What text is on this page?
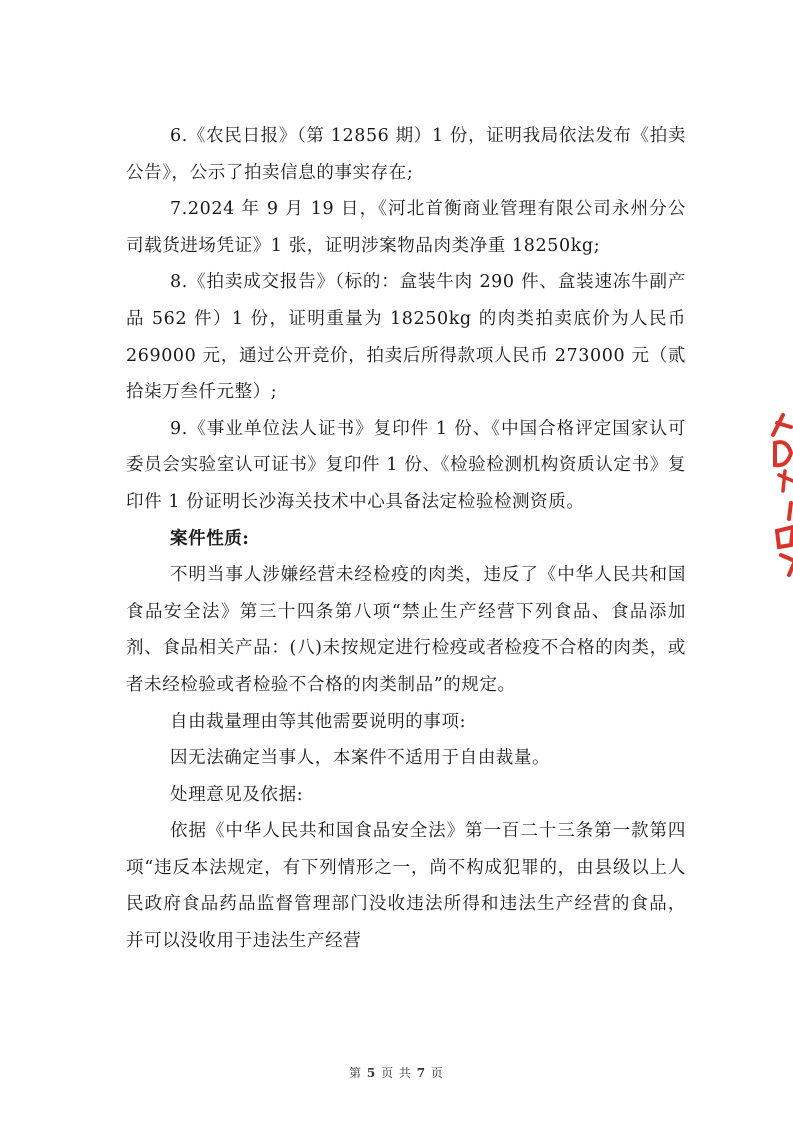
6.《农民日报》（第 12856 期）1 份，证明我局依法发布《拍卖公告》，公示了拍卖信息的事实存在;

7.2024 年 9 月 19 日，《河北首衡商业管理有限公司永州分公司载货进场凭证》1 张，证明涉案物品肉类净重 18250kg;

8.《拍卖成交报告》（标的：盒装牛肉 290 件、盒装速冻牛副产品 562 件）1 份，证明重量为 18250kg 的肉类拍卖底价为人民币 269000 元，通过公开竞价，拍卖后所得款项人民币 273000 元（贰拾柒万叁仟元整）;

9.《事业单位法人证书》复印件 1 份、《中国合格评定国家认可委员会实验室认可证书》复印件 1 份、《检验检测机构资质认定书》复印件 1 份证明长沙海关技术中心具备法定检验检测资质。

案件性质:

不明当事人涉嫌经营未经检疫的肉类，违反了《中华人民共和国食品安全法》第三十四条第八项“禁止生产经营下列食品、食品添加剂、食品相关产品：(八)未按规定进行检疫或者检疫不合格的肉类，或者未经检验或者检验不合格的肉类制品”的规定。

自由裁量理由等其他需要说明的事项:

因无法确定当事人，本案件不适用于自由裁量。

处理意见及依据:

依据《中华人民共和国食品安全法》第一百二十三条第一款第四项“违反本法规定，有下列情形之一，尚不构成犯罪的，由县级以上人民政府食品药品监督管理部门没收违法所得和违法生产经营的食品，并可以没收用于违法生产经营

第 5 页 共 7 页
